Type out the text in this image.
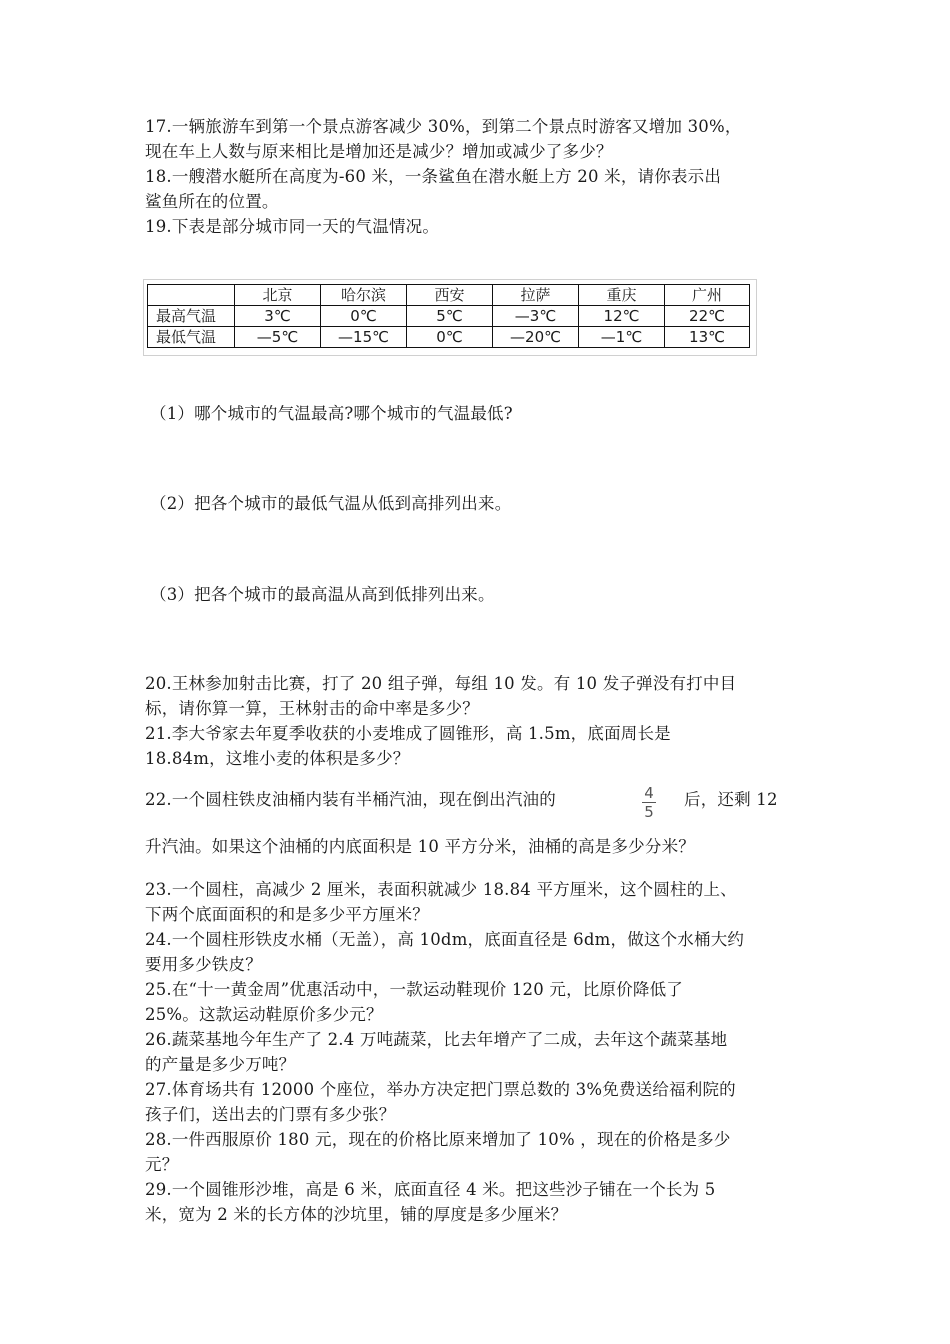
17.一辆旅游车到第一个景点游客减少 30%，到第二个景点时游客又增加 30%，
现在车上人数与原来相比是增加还是减少？增加或减少了多少？
18.一艘潜水艇所在高度为-60 米，一条鲨鱼在潜水艇上方 20 米，请你表示出
鲨鱼所在的位置。
19.下表是部分城市同一天的气温情况。
	北京	哈尔滨	西安	拉萨	重庆	广州
最高气温	3℃	0℃	5℃	—3℃	12℃	22℃
最低气温	—5℃	—15℃	0℃	—20℃	—1℃	13℃
（1）哪个城市的气温最高?哪个城市的气温最低?
（2）把各个城市的最低气温从低到高排列出来。
（3）把各个城市的最高温从高到低排列出来。
20.王林参加射击比赛，打了 20 组子弹，每组 10 发。有 10 发子弹没有打中目
标，请你算一算，王林射击的命中率是多少？
21.李大爷家去年夏季收获的小麦堆成了圆锥形，高 1.5m，底面周长是
18.84m，这堆小麦的体积是多少？
22.一个圆柱铁皮油桶内装有半桶汽油，现在倒出汽油的	4
5
后，还剩 12
升汽油。如果这个油桶的内底面积是 10 平方分米，油桶的高是多少分米？
23.一个圆柱，高减少 2 厘米，表面积就减少 18.84 平方厘米，这个圆柱的上、
下两个底面面积的和是多少平方厘米？
24.一个圆柱形铁皮水桶（无盖），高 10dm，底面直径是 6dm，做这个水桶大约
要用多少铁皮？
25.在“十一黄金周”优惠活动中，一款运动鞋现价 120 元，比原价降低了
25%。这款运动鞋原价多少元？
26.蔬菜基地今年生产了 2.4 万吨蔬菜，比去年增产了二成，去年这个蔬菜基地
的产量是多少万吨？
27.体育场共有 12000 个座位，举办方决定把门票总数的 3%免费送给福利院的
孩子们，送出去的门票有多少张？
28.一件西服原价 180 元，现在的价格比原来增加了 10% ，现在的价格是多少
元？
29.一个圆锥形沙堆，高是 6 米，底面直径 4 米。把这些沙子铺在一个长为 5
米，宽为 2 米的长方体的沙坑里，铺的厚度是多少厘米？
